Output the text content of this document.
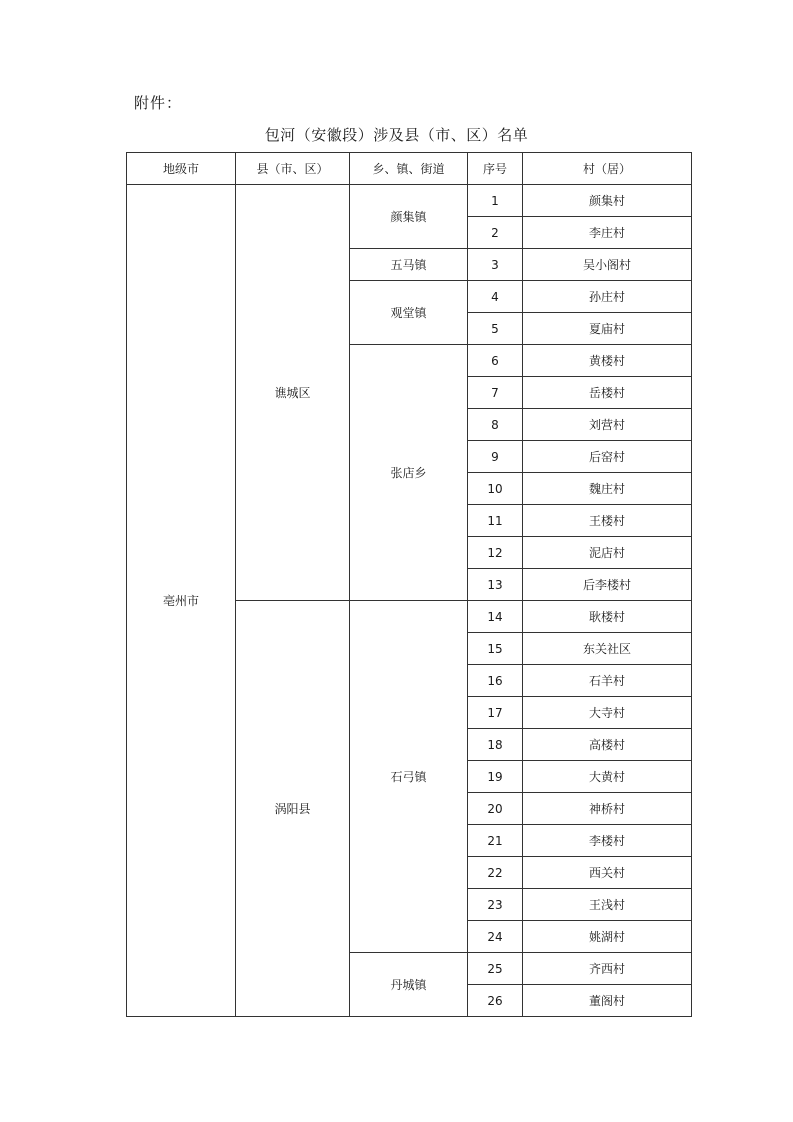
附件：
包河（安徽段）涉及县（市、区）名单
地级市	县（市、区）	乡、镇、街道	序号	村（居）
亳州市	谯城区	颜集镇	1	颜集村
			2	李庄村
		五马镇	3	吴小阁村
		观堂镇	4	孙庄村
			5	夏庙村
		张店乡	6	黄楼村
			7	岳楼村
			8	刘营村
			9	后窑村
			10	魏庄村
			11	王楼村
			12	泥店村
			13	后李楼村
	涡阳县	石弓镇	14	耿楼村
			15	东关社区
			16	石羊村
			17	大寺村
			18	高楼村
			19	大黄村
			20	神桥村
			21	李楼村
			22	西关村
			23	王浅村
			24	姚湖村
		丹城镇	25	齐西村
			26	董阁村
